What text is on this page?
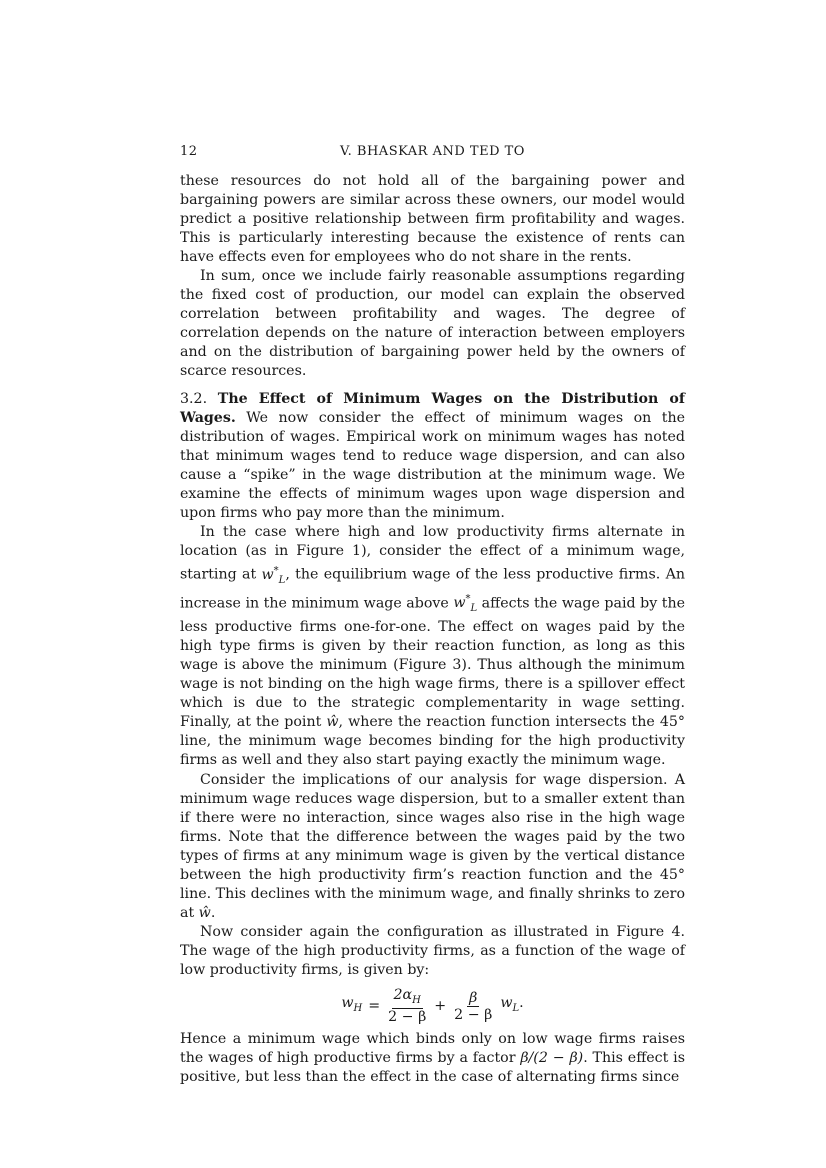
12	V. BHASKAR AND TED TO

these resources do not hold all of the bargaining power and bargaining powers are similar across these owners, our model would predict a positive relationship between firm profitability and wages. This is particularly interesting because the existence of rents can have effects even for employees who do not share in the rents.

In sum, once we include fairly reasonable assumptions regarding the fixed cost of production, our model can explain the observed correlation between profitability and wages. The degree of correlation depends on the nature of interaction between employers and on the distribution of bargaining power held by the owners of scarce resources.

3.2. The Effect of Minimum Wages on the Distribution of Wages. We now consider the effect of minimum wages on the distribution of wages. Empirical work on minimum wages has noted that minimum wages tend to reduce wage dispersion, and can also cause a “spike” in the wage distribution at the minimum wage. We examine the effects of minimum wages upon wage dispersion and upon firms who pay more than the minimum.

In the case where high and low productivity firms alternate in location (as in Figure 1), consider the effect of a minimum wage, starting at $w^*_L$, the equilibrium wage of the less productive firms. An increase in the minimum wage above $w^*_L$ affects the wage paid by the less productive firms one-for-one. The effect on wages paid by the high type firms is given by their reaction function, as long as this wage is above the minimum (Figure 3). Thus although the minimum wage is not binding on the high wage firms, there is a spillover effect which is due to the strategic complementarity in wage setting. Finally, at the point ŵ, where the reaction function intersects the 45° line, the minimum wage becomes binding for the high productivity firms as well and they also start paying exactly the minimum wage.

Consider the implications of our analysis for wage dispersion. A minimum wage reduces wage dispersion, but to a smaller extent than if there were no interaction, since wages also rise in the high wage firms. Note that the difference between the wages paid by the two types of firms at any minimum wage is given by the vertical distance between the high productivity firm’s reaction function and the 45° line. This declines with the minimum wage, and finally shrinks to zero at ŵ.

Now consider again the configuration as illustrated in Figure 4. The wage of the high productivity firms, as a function of the wage of low productivity firms, is given by:

$w_H = \frac{2\alpha_H}{2 - \beta} + \frac{\beta}{2 - \beta} w_L$.

Hence a minimum wage which binds only on low wage firms raises the wages of high productive firms by a factor β/(2 − β). This effect is positive, but less than the effect in the case of alternating firms since
